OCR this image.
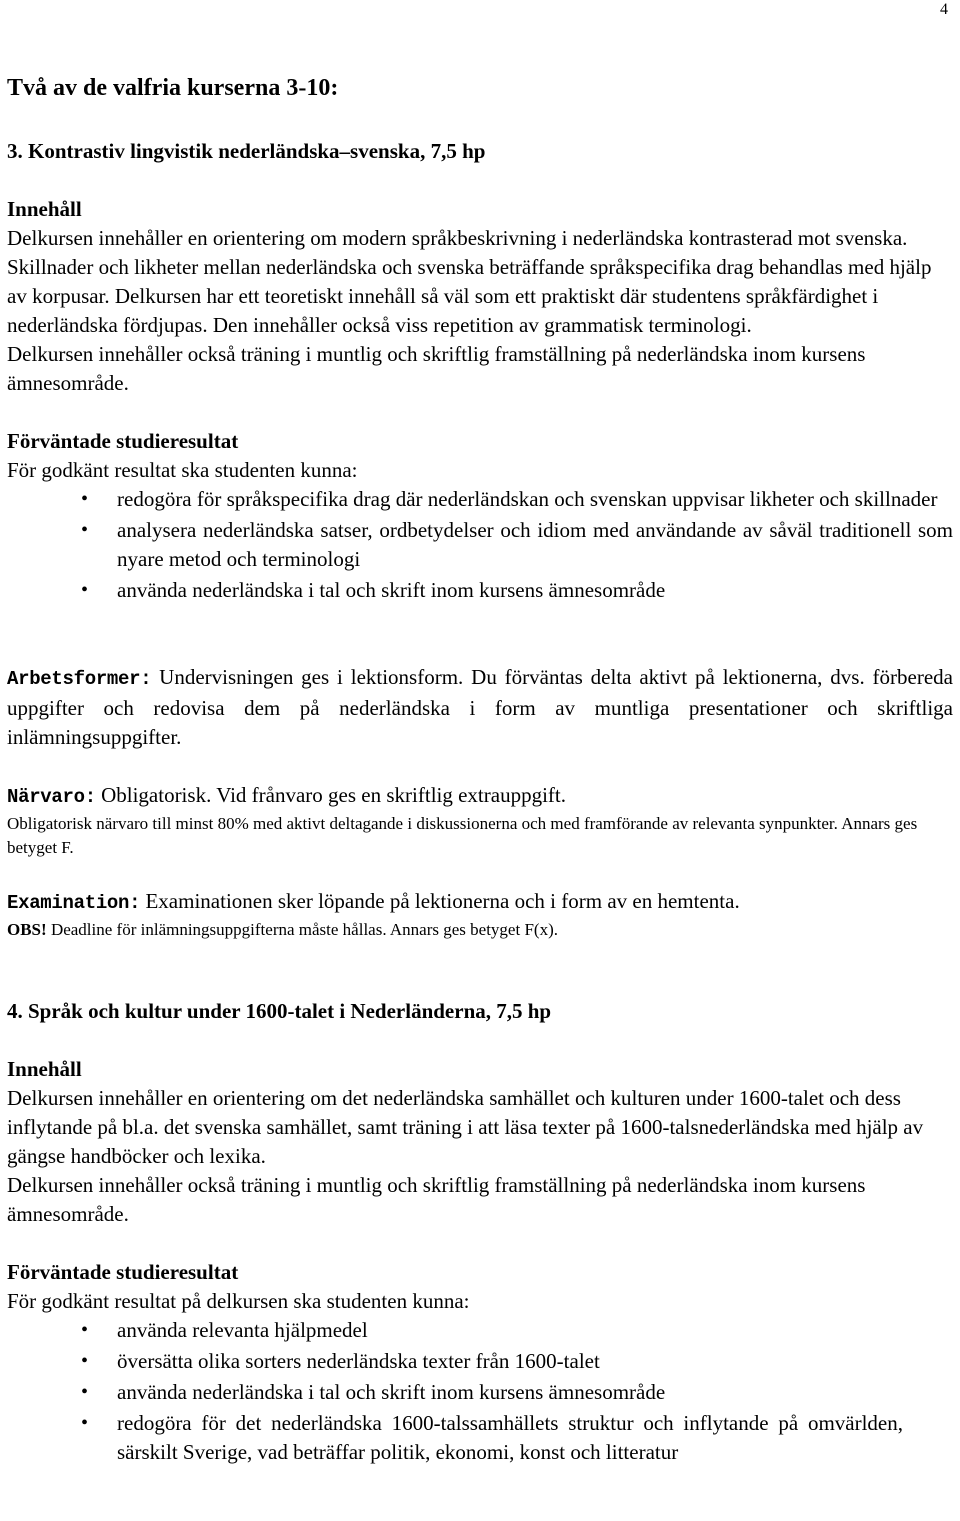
4
Två av de valfria kurserna 3-10:
3. Kontrastiv lingvistik nederländska–svenska, 7,5 hp

Innehåll

Delkursen innehåller en orientering om modern språkbeskrivning i nederländska kontrasterad mot svenska. Skillnader och likheter mellan nederländska och svenska beträffande språkspecifika drag behandlas med hjälp av korpusar. Delkursen har ett teoretiskt innehåll så väl som ett praktiskt där studentens språkfärdighet i nederländska fördjupas. Den innehåller också viss repetition av grammatisk terminologi.

Delkursen innehåller också träning i muntlig och skriftlig framställning på nederländska inom kursens ämnesområde.

Förväntade studieresultat

För godkänt resultat ska studenten kunna:

• redogöra för språkspecifika drag där nederländskan och svenskan uppvisar likheter och skillnader
• analysera nederländska satser, ordbetydelser och idiom med användande av såväl traditionell som nyare metod och terminologi
• använda nederländska i tal och skrift inom kursens ämnesområde

Arbetsformer: Undervisningen ges i lektionsform. Du förväntas delta aktivt på lektionerna, dvs. förbereda uppgifter och redovisa dem på nederländska i form av muntliga presentationer och skriftliga inlämningsuppgifter.

Närvaro: Obligatorisk. Vid frånvaro ges en skriftlig extrauppgift.

Obligatorisk närvaro till minst 80% med aktivt deltagande i diskussionerna och med framförande av relevanta synpunkter. Annars ges betyget F.

Examination: Examinationen sker löpande på lektionerna och i form av en hemtenta.

OBS! Deadline för inlämningsuppgifterna måste hållas. Annars ges betyget F(x).

4. Språk och kultur under 1600-talet i Nederländerna, 7,5 hp

Innehåll

Delkursen innehåller en orientering om det nederländska samhället och kulturen under 1600-talet och dess inflytande på bl.a. det svenska samhället, samt träning i att läsa texter på 1600-talsnederländska med hjälp av gängse handböcker och lexika.

Delkursen innehåller också träning i muntlig och skriftlig framställning på nederländska inom kursens ämnesområde.

Förväntade studieresultat

För godkänt resultat på delkursen ska studenten kunna:

• använda relevanta hjälpmedel
• översätta olika sorters nederländska texter från 1600-talet
• använda nederländska i tal och skrift inom kursens ämnesområde
• redogöra för det nederländska 1600-talssamhällets struktur och inflytande på omvärlden, särskilt Sverige, vad beträffar politik, ekonomi, konst och litteratur
